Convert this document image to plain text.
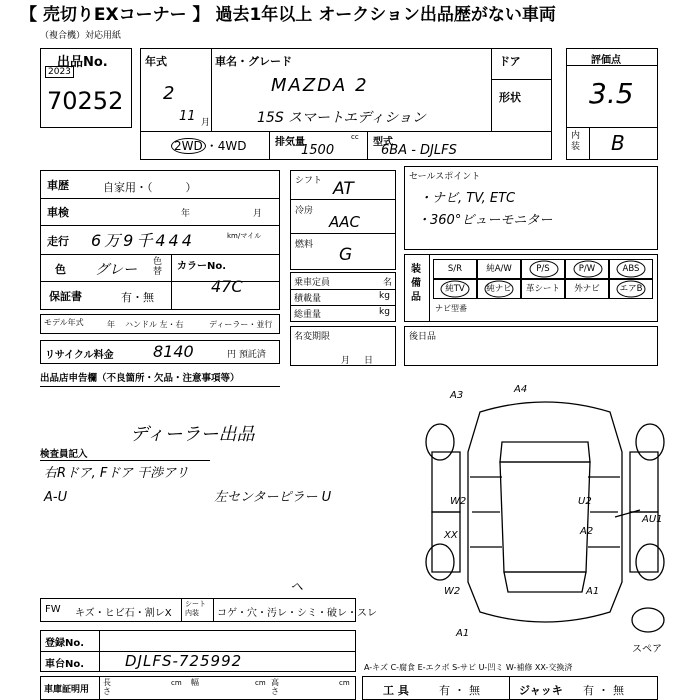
【 売切りEXコーナー 】 過去1年以上 オークション出品歴がない車両
（複合機）対応用紙
出品No.
2023
70252
年式
2
11 月
車名・グレード
MAZDA 2
15S スマートエディション
ドア
形状
2WD ・4WD	排気量
1500
cc 型式
6BA - DJLFS
評価点
3.5
内装 B
車歴	自家用・（　　　）
車検	年	月
走行 6万9千444	km/マイル
色 グレー 色替 カラーNo.
47C
保証書	有・無
モデル年式	年 ハンドル 左・右	ディーラー・並行
リサイクル料金 8140	円 預託済
シフト AT
冷房
AAC
燃料 G
乗車定員	名
積載量	kg
総重量	kg
名変期限
月日
セールスポイント
・ナビ, TV, ETC
・360°ビューモニター
装備品
S/R	純A/W	P/S	P/W	ABS
純TV	純ナビ	革シート	外ナビ	エアB
ナビ型番
後日品
出品店申告欄（不良箇所・欠品・注意事項等）
ディーラー出品
検査員記入
右Rドア, Fドア 干渉アリ
A-U	左センターピラー U
A3
A4
W2	U2
XX	A2
AU1
W2	A1
A1
スペア
FW キズ・ヒビ石・割レX
シート内装	コゲ・穴・汚レ・シミ・破レ・スレ
ヘ
登録No.
車台No.	DJLFS-725992	A-キズ C-腐食 E-エクボ S-サビ U-凹ミ W-補修 XX-交換済
車庫証明用
長さ
cm 幅	cm 高さ
cm
工 具	有・無	ジャッキ 有・無
